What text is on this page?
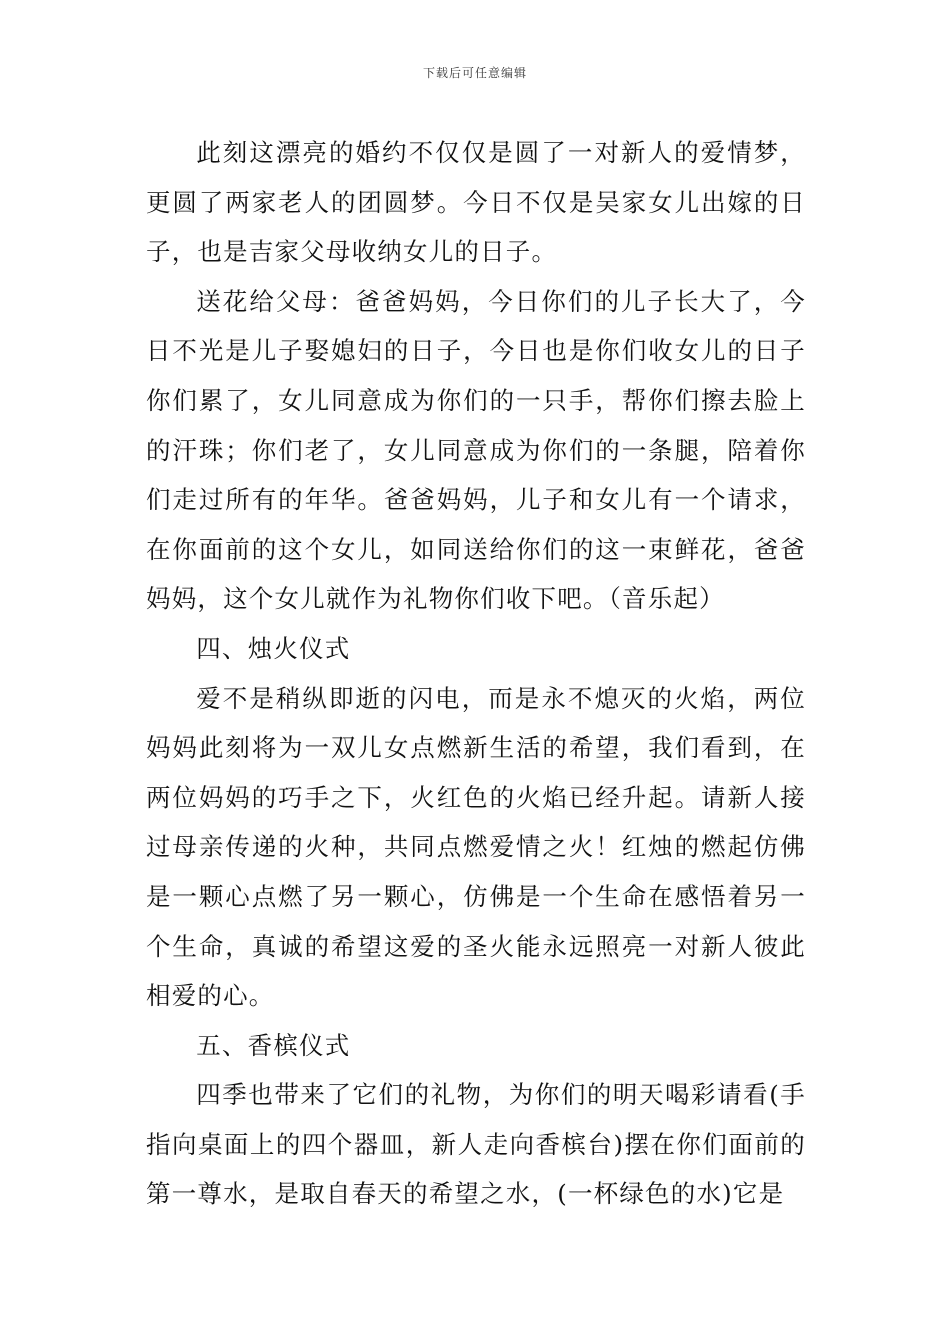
下载后可任意编辑

此刻这漂亮的婚约不仅仅是圆了一对新人的爱情梦，更圆了两家老人的团圆梦。今日不仅是吴家女儿出嫁的日子，也是吉家父母收纳女儿的日子。

送花给父母：爸爸妈妈，今日你们的儿子长大了，今日不光是儿子娶媳妇的日子，今日也是你们收女儿的日子你们累了，女儿同意成为你们的一只手，帮你们擦去脸上的汗珠；你们老了，女儿同意成为你们的一条腿，陪着你们走过所有的年华。爸爸妈妈，儿子和女儿有一个请求，在你面前的这个女儿，如同送给你们的这一束鲜花，爸爸妈妈，这个女儿就作为礼物你们收下吧。（音乐起）

四、烛火仪式

爱不是稍纵即逝的闪电，而是永不熄灭的火焰，两位妈妈此刻将为一双儿女点燃新生活的希望，我们看到，在两位妈妈的巧手之下，火红色的火焰已经升起。请新人接过母亲传递的火种，共同点燃爱情之火！红烛的燃起仿佛是一颗心点燃了另一颗心，仿佛是一个生命在感悟着另一个生命，真诚的希望这爱的圣火能永远照亮一对新人彼此相爱的心。

五、香槟仪式

四季也带来了它们的礼物，为你们的明天喝彩请看(手指向桌面上的四个器皿，新人走向香槟台)摆在你们面前的第一尊水，是取自春天的希望之水，(一杯绿色的水)它是
